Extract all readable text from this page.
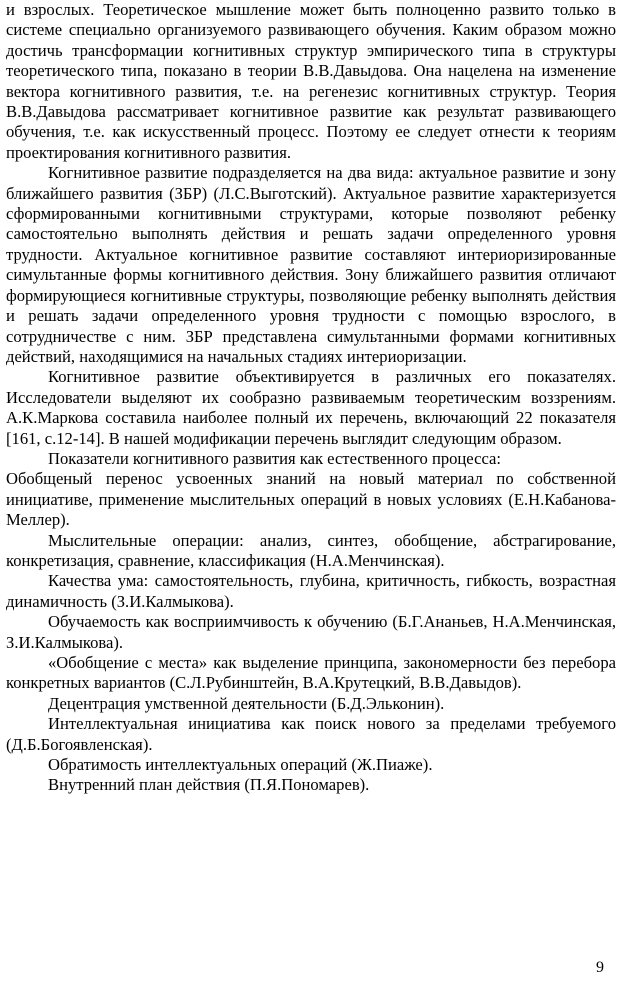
и взрослых. Теоретическое мышление может быть полноценно развито только в системе специально организуемого развивающего обучения. Каким образом можно достичь трансформации когнитивных структур эмпирического типа в структуры теоретического типа, показано в теории В.В.Давыдова. Она нацелена на изменение вектора когнитивного развития, т.е. на регенезис когнитивных структур. Теория В.В.Давыдова рассматривает когнитивное развитие как результат развивающего обучения, т.е. как искусственный процесс. Поэтому ее следует отнести к теориям проектирования когнитивного развития.

Когнитивное развитие подразделяется на два вида: актуальное развитие и зону ближайшего развития (ЗБР) (Л.С.Выготский). Актуальное развитие характеризуется сформированными когнитивными структурами, которые позволяют ребенку самостоятельно выполнять действия и решать задачи определенного уровня трудности. Актуальное когнитивное развитие составляют интериоризированные симультанные формы когнитивного действия. Зону ближайшего развития отличают формирующиеся когнитивные структуры, позволяющие ребенку выполнять действия и решать задачи определенного уровня трудности с помощью взрослого, в сотрудничестве с ним. ЗБР представлена симультанными формами когнитивных действий, находящимися на начальных стадиях интериоризации.

Когнитивное развитие объективируется в различных его показателях. Исследователи выделяют их сообразно развиваемым теоретическим воззрениям. А.К.Маркова составила наиболее полный их перечень, включающий 22 показателя [161, с.12-14]. В нашей модификации перечень выглядит следующим образом.

Показатели когнитивного развития как естественного процесса:

Обобщеный перенос усвоенных знаний на новый материал по собственной инициативе, применение мыслительных операций в новых условиях (Е.Н.Кабанова-Меллер).

Мыслительные операции: анализ, синтез, обобщение, абстрагирование, конкретизация, сравнение, классификация (Н.А.Менчинская).

Качества ума: самостоятельность, глубина, критичность, гибкость, возрастная динамичность (З.И.Калмыкова).

Обучаемость как восприимчивость к обучению (Б.Г.Ананьев, Н.А.Менчинская, З.И.Калмыкова).

«Обобщение с места» как выделение принципа, закономерности без перебора конкретных вариантов (С.Л.Рубинштейн, В.А.Крутецкий, В.В.Давыдов).

Децентрация умственной деятельности (Б.Д.Эльконин).

Интеллектуальная инициатива как поиск нового за пределами требуемого (Д.Б.Богоявленская).

Обратимость интеллектуальных операций (Ж.Пиаже).

Внутренний план действия (П.Я.Пономарев).

9
